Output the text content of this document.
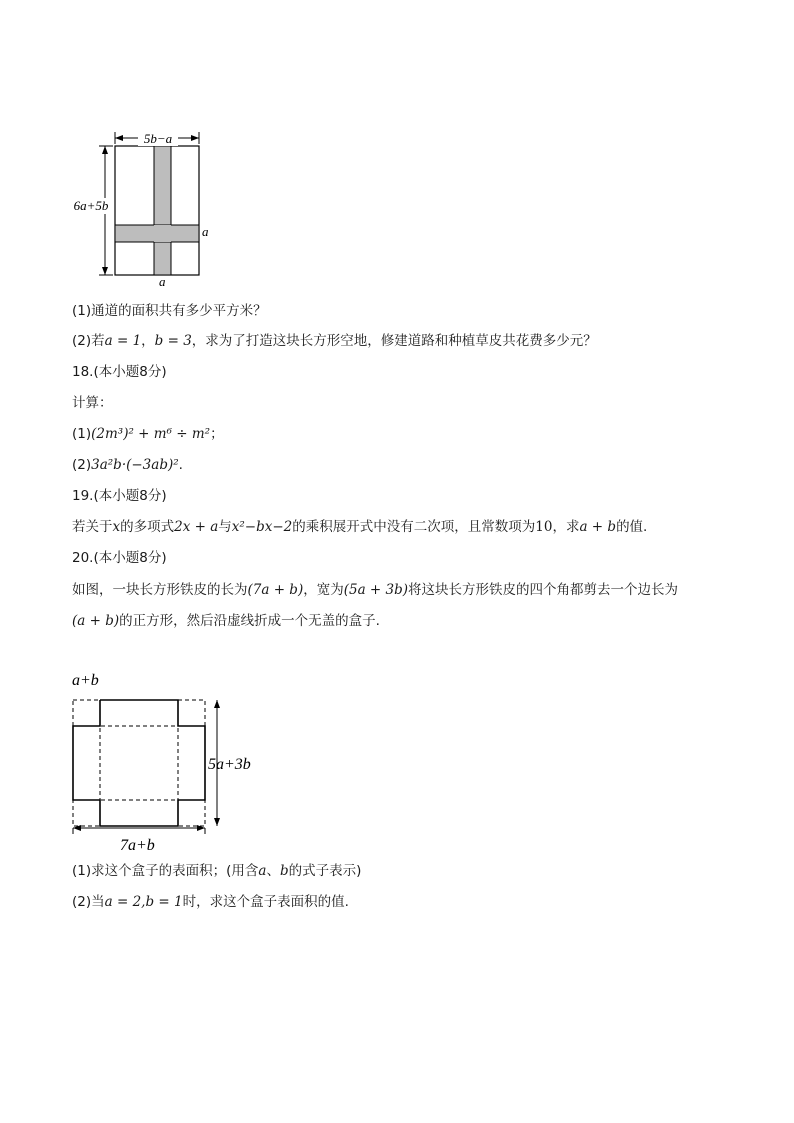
5b−a
6a+5b
a
a
(1)通道的面积共有多少平方米？
(2)若a = 1，b = 3，求为了打造这块长方形空地，修建道路和种植草皮共花费多少元？
18.(本小题8分)
计算：
(1)(2m³)² + m⁶ ÷ m²；
(2)3a²b·(−3ab)².
19.(本小题8分)
若关于x的多项式2x + a与x²−bx−2的乘积展开式中没有二次项，且常数项为10，求a + b的值.
20.(本小题8分)
如图，一块长方形铁皮的长为(7a + b)，宽为(5a + 3b)将这块长方形铁皮的四个角都剪去一个边长为
(a + b)的正方形，然后沿虚线折成一个无盖的盒子.
a+b
5a+3b
7a+b
(1)求这个盒子的表面积；(用含a、b的式子表示)
(2)当a = 2,b = 1时，求这个盒子表面积的值.
